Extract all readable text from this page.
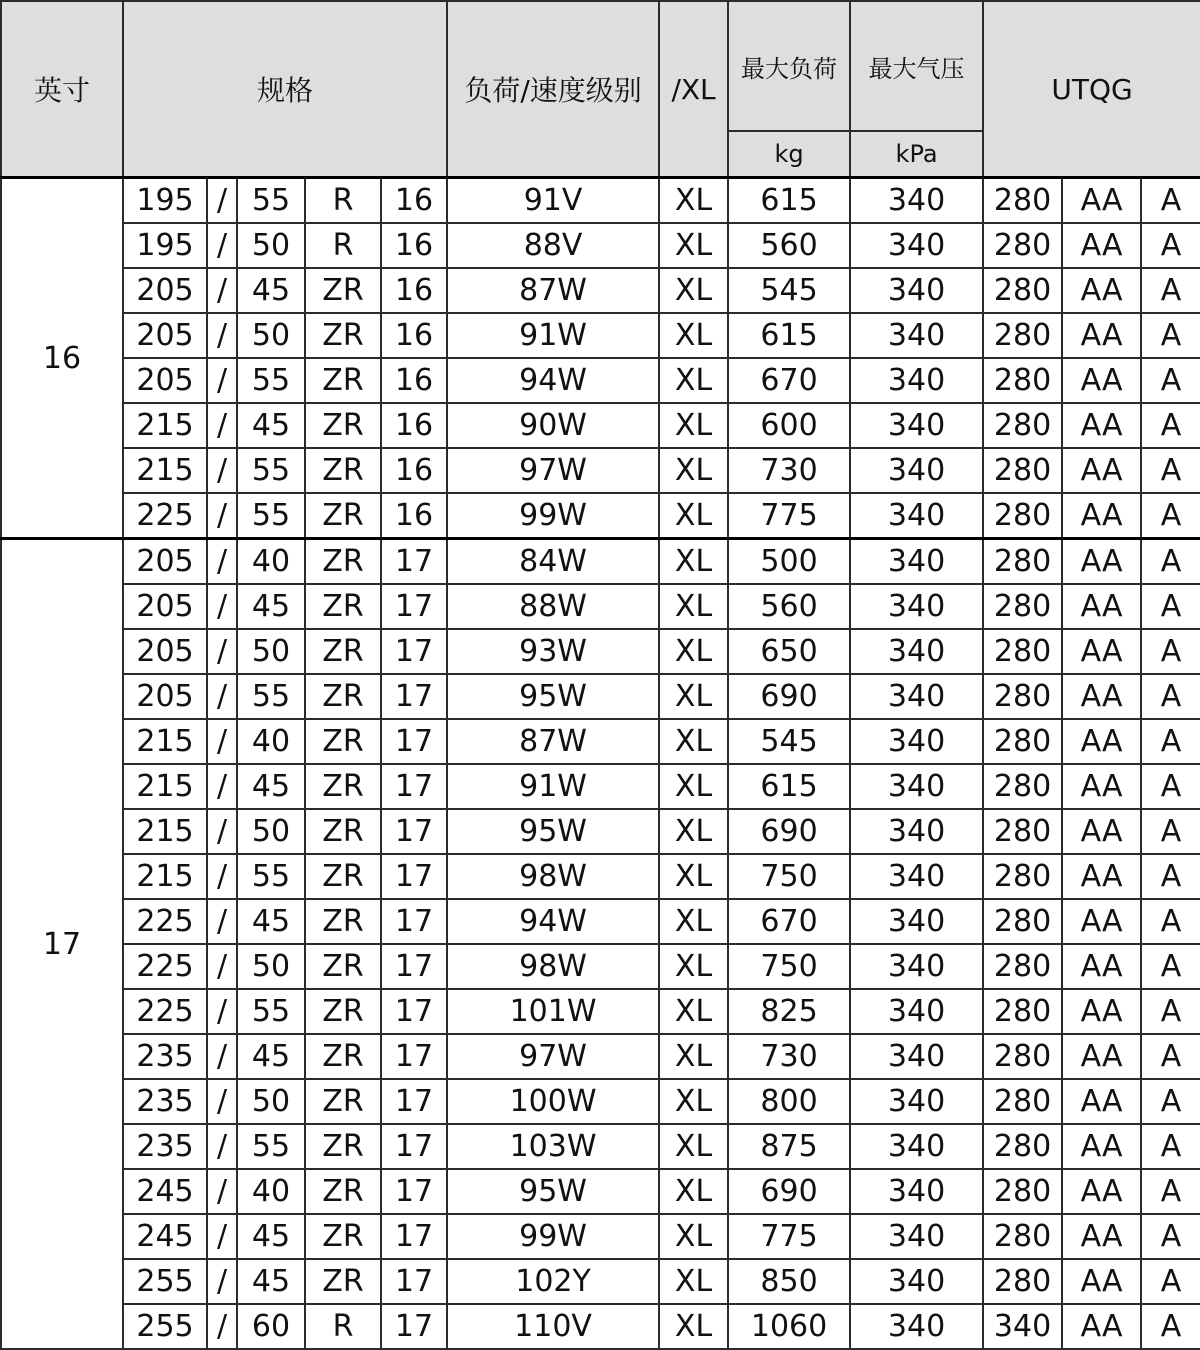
英寸	规格					负荷/速度级别	/XL	最大负荷	最大气压	UTQG		
								kg	kPa			
16	195	/	55	R	16	91V	XL	615	340	280	AA	A
	195	/	50	R	16	88V	XL	560	340	280	AA	A
	205	/	45	ZR	16	87W	XL	545	340	280	AA	A
	205	/	50	ZR	16	91W	XL	615	340	280	AA	A
	205	/	55	ZR	16	94W	XL	670	340	280	AA	A
	215	/	45	ZR	16	90W	XL	600	340	280	AA	A
	215	/	55	ZR	16	97W	XL	730	340	280	AA	A
	225	/	55	ZR	16	99W	XL	775	340	280	AA	A
17	205	/	40	ZR	17	84W	XL	500	340	280	AA	A
	205	/	45	ZR	17	88W	XL	560	340	280	AA	A
	205	/	50	ZR	17	93W	XL	650	340	280	AA	A
	205	/	55	ZR	17	95W	XL	690	340	280	AA	A
	215	/	40	ZR	17	87W	XL	545	340	280	AA	A
	215	/	45	ZR	17	91W	XL	615	340	280	AA	A
	215	/	50	ZR	17	95W	XL	690	340	280	AA	A
	215	/	55	ZR	17	98W	XL	750	340	280	AA	A
	225	/	45	ZR	17	94W	XL	670	340	280	AA	A
	225	/	50	ZR	17	98W	XL	750	340	280	AA	A
	225	/	55	ZR	17	101W	XL	825	340	280	AA	A
	235	/	45	ZR	17	97W	XL	730	340	280	AA	A
	235	/	50	ZR	17	100W	XL	800	340	280	AA	A
	235	/	55	ZR	17	103W	XL	875	340	280	AA	A
	245	/	40	ZR	17	95W	XL	690	340	280	AA	A
	245	/	45	ZR	17	99W	XL	775	340	280	AA	A
	255	/	45	ZR	17	102Y	XL	850	340	280	AA	A
	255	/	60	R	17	110V	XL	1060	340	340	AA	A
